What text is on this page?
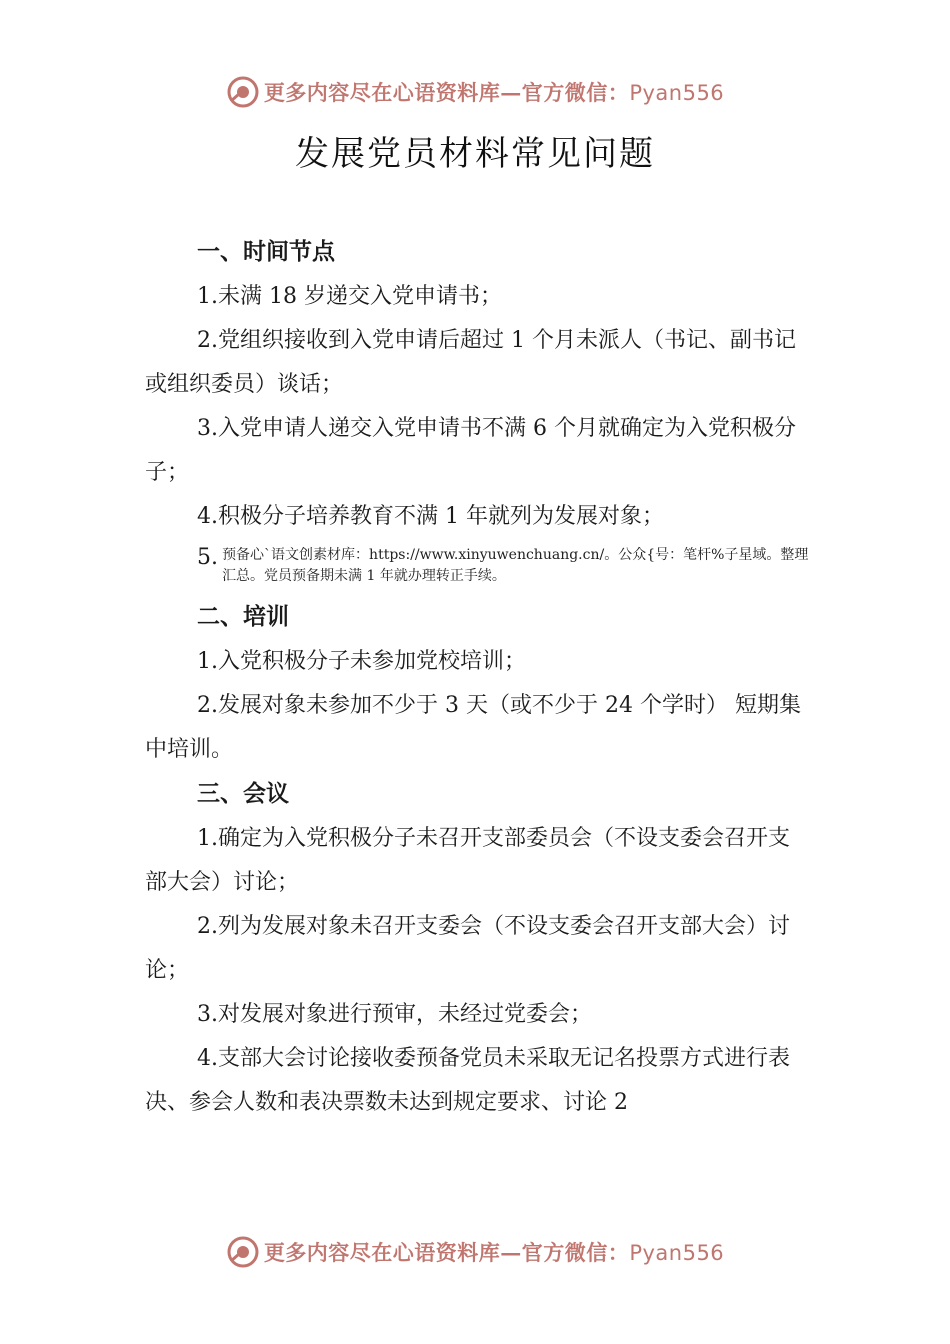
更多内容尽在心语资料库—官方微信：Pyan556
发展党员材料常见问题
一、时间节点

1.未满 18 岁递交入党申请书；

2.党组织接收到入党申请后超过 1 个月未派人（书记、副书记或组织委员）谈话；

3.入党申请人递交入党申请书不满 6 个月就确定为入党积极分子；

4.积极分子培养教育不满 1 年就列为发展对象；

5. 预备心`语文创素材库：https://www.xinyuwenchuang.cn/。公众{号：笔杆%子星域。整理汇总。党员预备期未满 1 年就办理转正手续。
二、培训

1.入党积极分子未参加党校培训；

2.发展对象未参加不少于 3 天（或不少于 24 个学时） 短期集中培训。

三、会议

1.确定为入党积极分子未召开支部委员会（不设支委会召开支部大会）讨论；

2.列为发展对象未召开支委会（不设支委会召开支部大会）讨论；

3.对发展对象进行预审，未经过党委会；

4.支部大会讨论接收委预备党员未采取无记名投票方式进行表决、参会人数和表决票数未达到规定要求、讨论 2

更多内容尽在心语资料库—官方微信：Pyan556
